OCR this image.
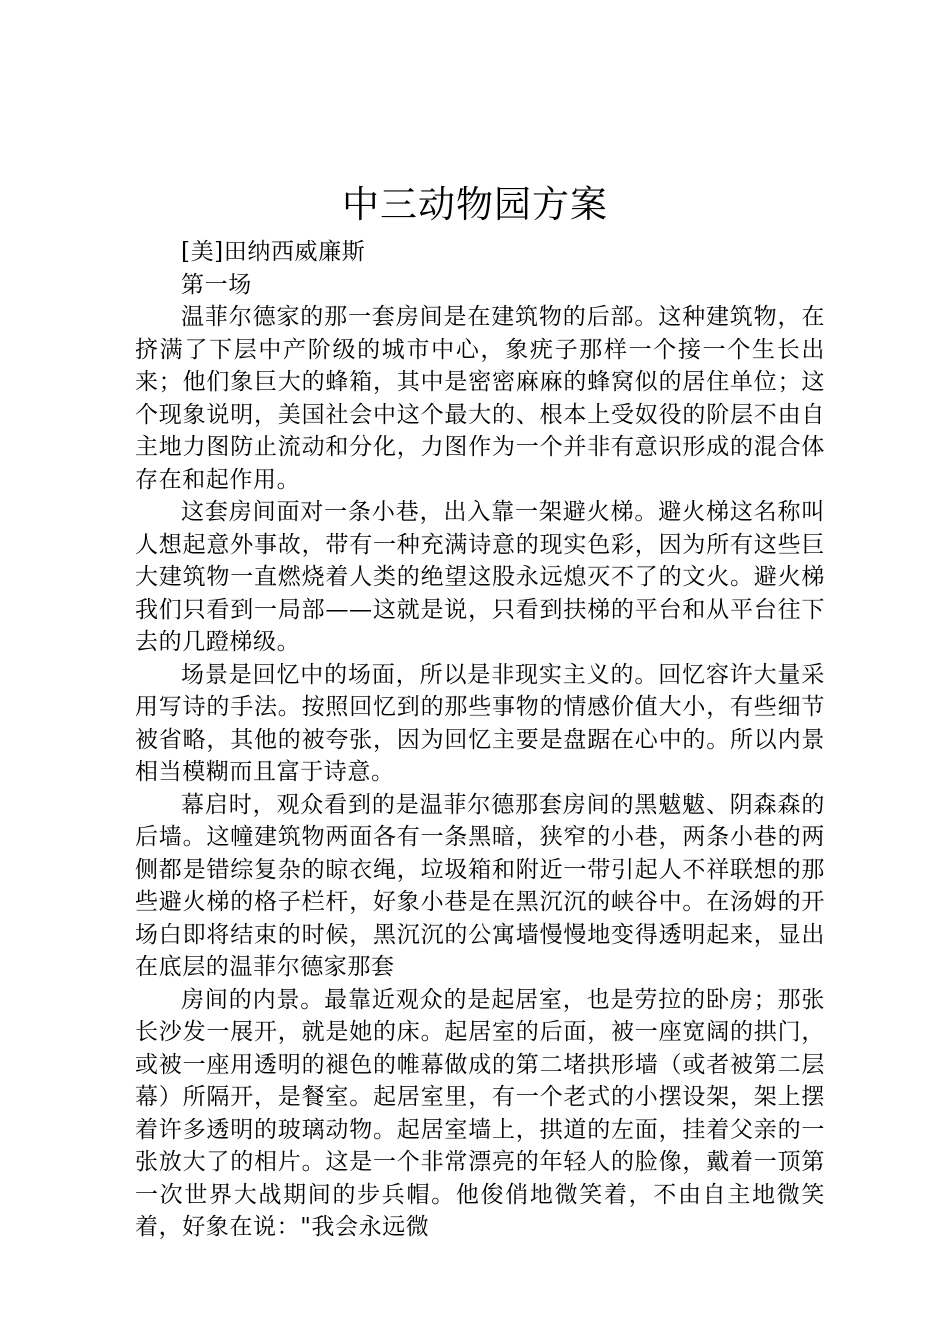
中三动物园方案

[美]田纳西威廉斯

第一场

温菲尔德家的那一套房间是在建筑物的后部。这种建筑物，在挤满了下层中产阶级的城市中心，象疣子那样一个接一个生长出来；他们象巨大的蜂箱，其中是密密麻麻的蜂窝似的居住单位；这个现象说明，美国社会中这个最大的、根本上受奴役的阶层不由自主地力图防止流动和分化，力图作为一个并非有意识形成的混合体存在和起作用。

这套房间面对一条小巷，出入靠一架避火梯。避火梯这名称叫人想起意外事故，带有一种充满诗意的现实色彩，因为所有这些巨大建筑物一直燃烧着人类的绝望这股永远熄灭不了的文火。避火梯我们只看到一局部——这就是说，只看到扶梯的平台和从平台往下去的几蹬梯级。

场景是回忆中的场面，所以是非现实主义的。回忆容许大量采用写诗的手法。按照回忆到的那些事物的情感价值大小，有些细节被省略，其他的被夸张，因为回忆主要是盘踞在心中的。所以内景相当模糊而且富于诗意。

幕启时，观众看到的是温菲尔德那套房间的黑魃魃、阴森森的后墙。这幢建筑物两面各有一条黑暗，狭窄的小巷，两条小巷的两侧都是错综复杂的晾衣绳，垃圾箱和附近一带引起人不祥联想的那些避火梯的格子栏杆，好象小巷是在黑沉沉的峡谷中。在汤姆的开场白即将结束的时候，黑沉沉的公寓墙慢慢地变得透明起来，显出在底层的温菲尔德家那套

房间的内景。最靠近观众的是起居室，也是劳拉的卧房；那张长沙发一展开，就是她的床。起居室的后面，被一座宽阔的拱门，或被一座用透明的褪色的帷幕做成的第二堵拱形墙（或者被第二层幕）所隔开，是餐室。起居室里，有一个老式的小摆设架，架上摆着许多透明的玻璃动物。起居室墙上，拱道的左面，挂着父亲的一张放大了的相片。这是一个非常漂亮的年轻人的脸像，戴着一顶第一次世界大战期间的步兵帽。他俊俏地微笑着，不由自主地微笑着，好象在说："我会永远微
